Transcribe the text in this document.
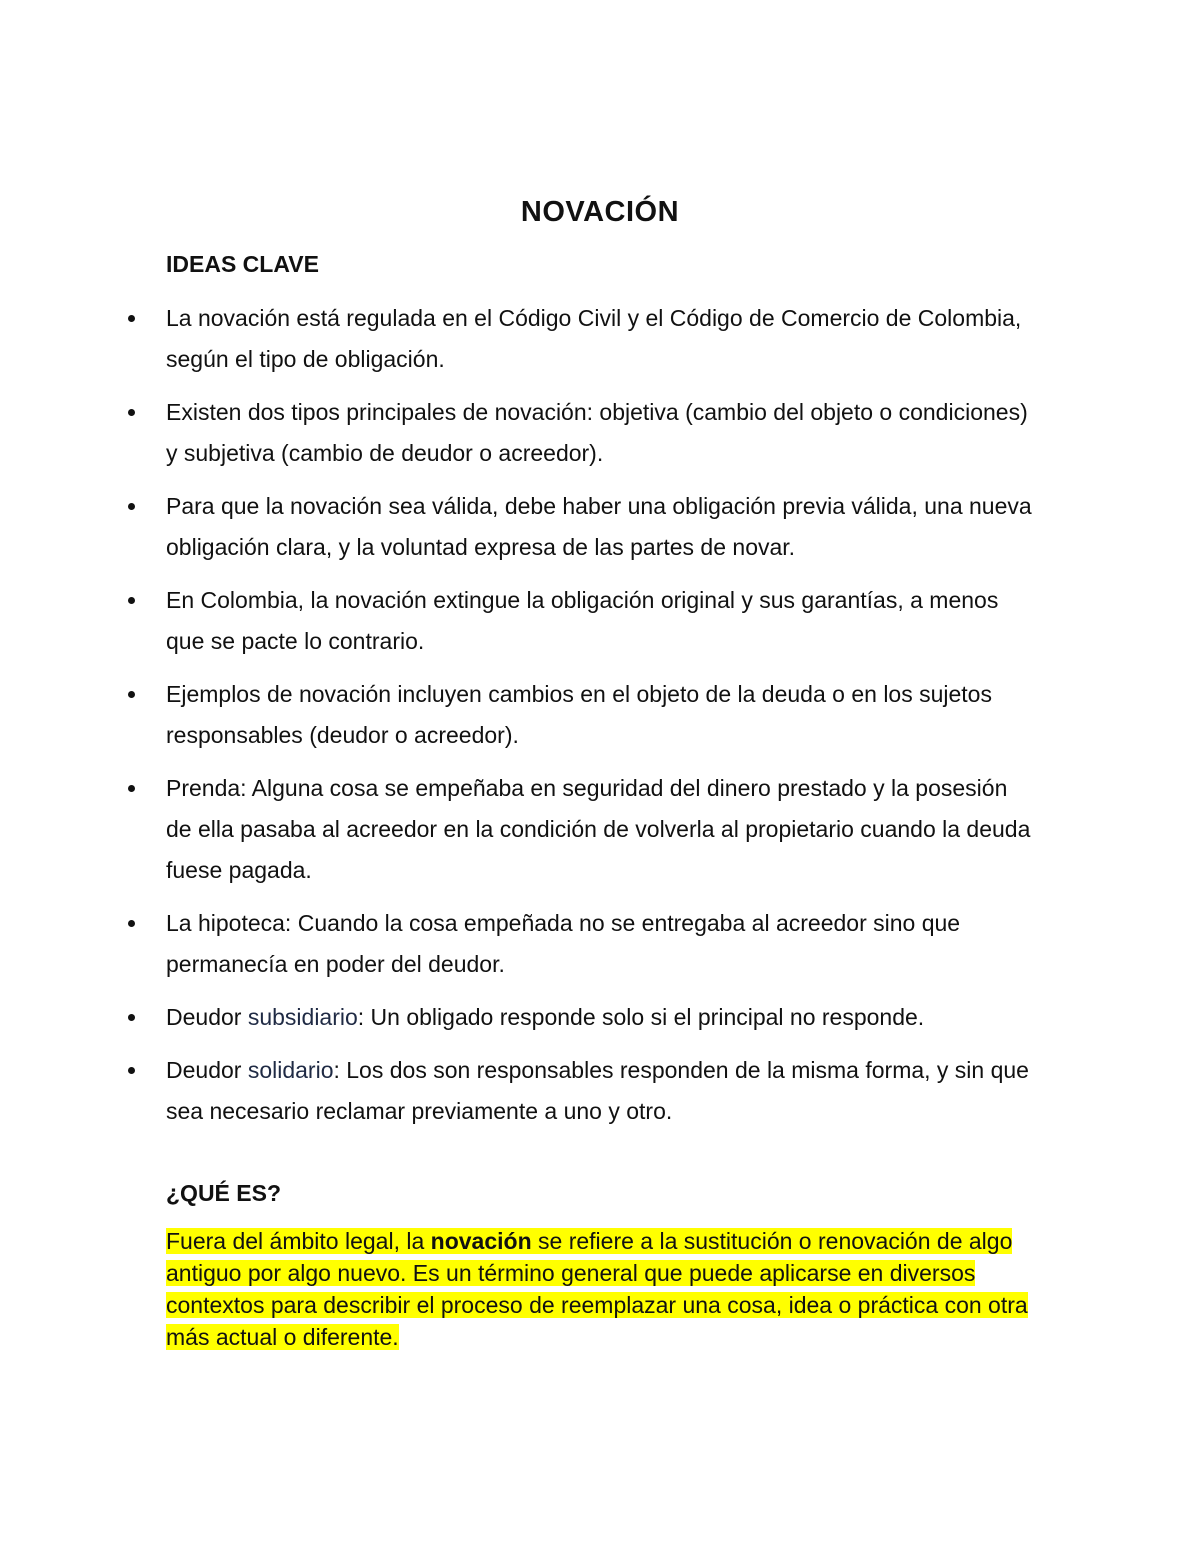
NOVACIÓN
IDEAS CLAVE
La novación está regulada en el Código Civil y el Código de Comercio de Colombia, según el tipo de obligación.
Existen dos tipos principales de novación: objetiva (cambio del objeto o condiciones) y subjetiva (cambio de deudor o acreedor).
Para que la novación sea válida, debe haber una obligación previa válida, una nueva obligación clara, y la voluntad expresa de las partes de novar.
En Colombia, la novación extingue la obligación original y sus garantías, a menos que se pacte lo contrario.
Ejemplos de novación incluyen cambios en el objeto de la deuda o en los sujetos responsables (deudor o acreedor).
Prenda: Alguna cosa se empeñaba en seguridad del dinero prestado y la posesión de ella pasaba al acreedor en la condición de volverla al propietario cuando la deuda fuese pagada.
La hipoteca: Cuando la cosa empeñada no se entregaba al acreedor sino que permanecía en poder del deudor.
Deudor subsidiario: Un obligado responde solo si el principal no responde.
Deudor solidario: Los dos son responsables responden de la misma forma, y sin que sea necesario reclamar previamente a uno y otro.
¿QUÉ ES?

Fuera del ámbito legal, la novación se refiere a la sustitución o renovación de algo antiguo por algo nuevo. Es un término general que puede aplicarse en diversos contextos para describir el proceso de reemplazar una cosa, idea o práctica con otra más actual o diferente.
